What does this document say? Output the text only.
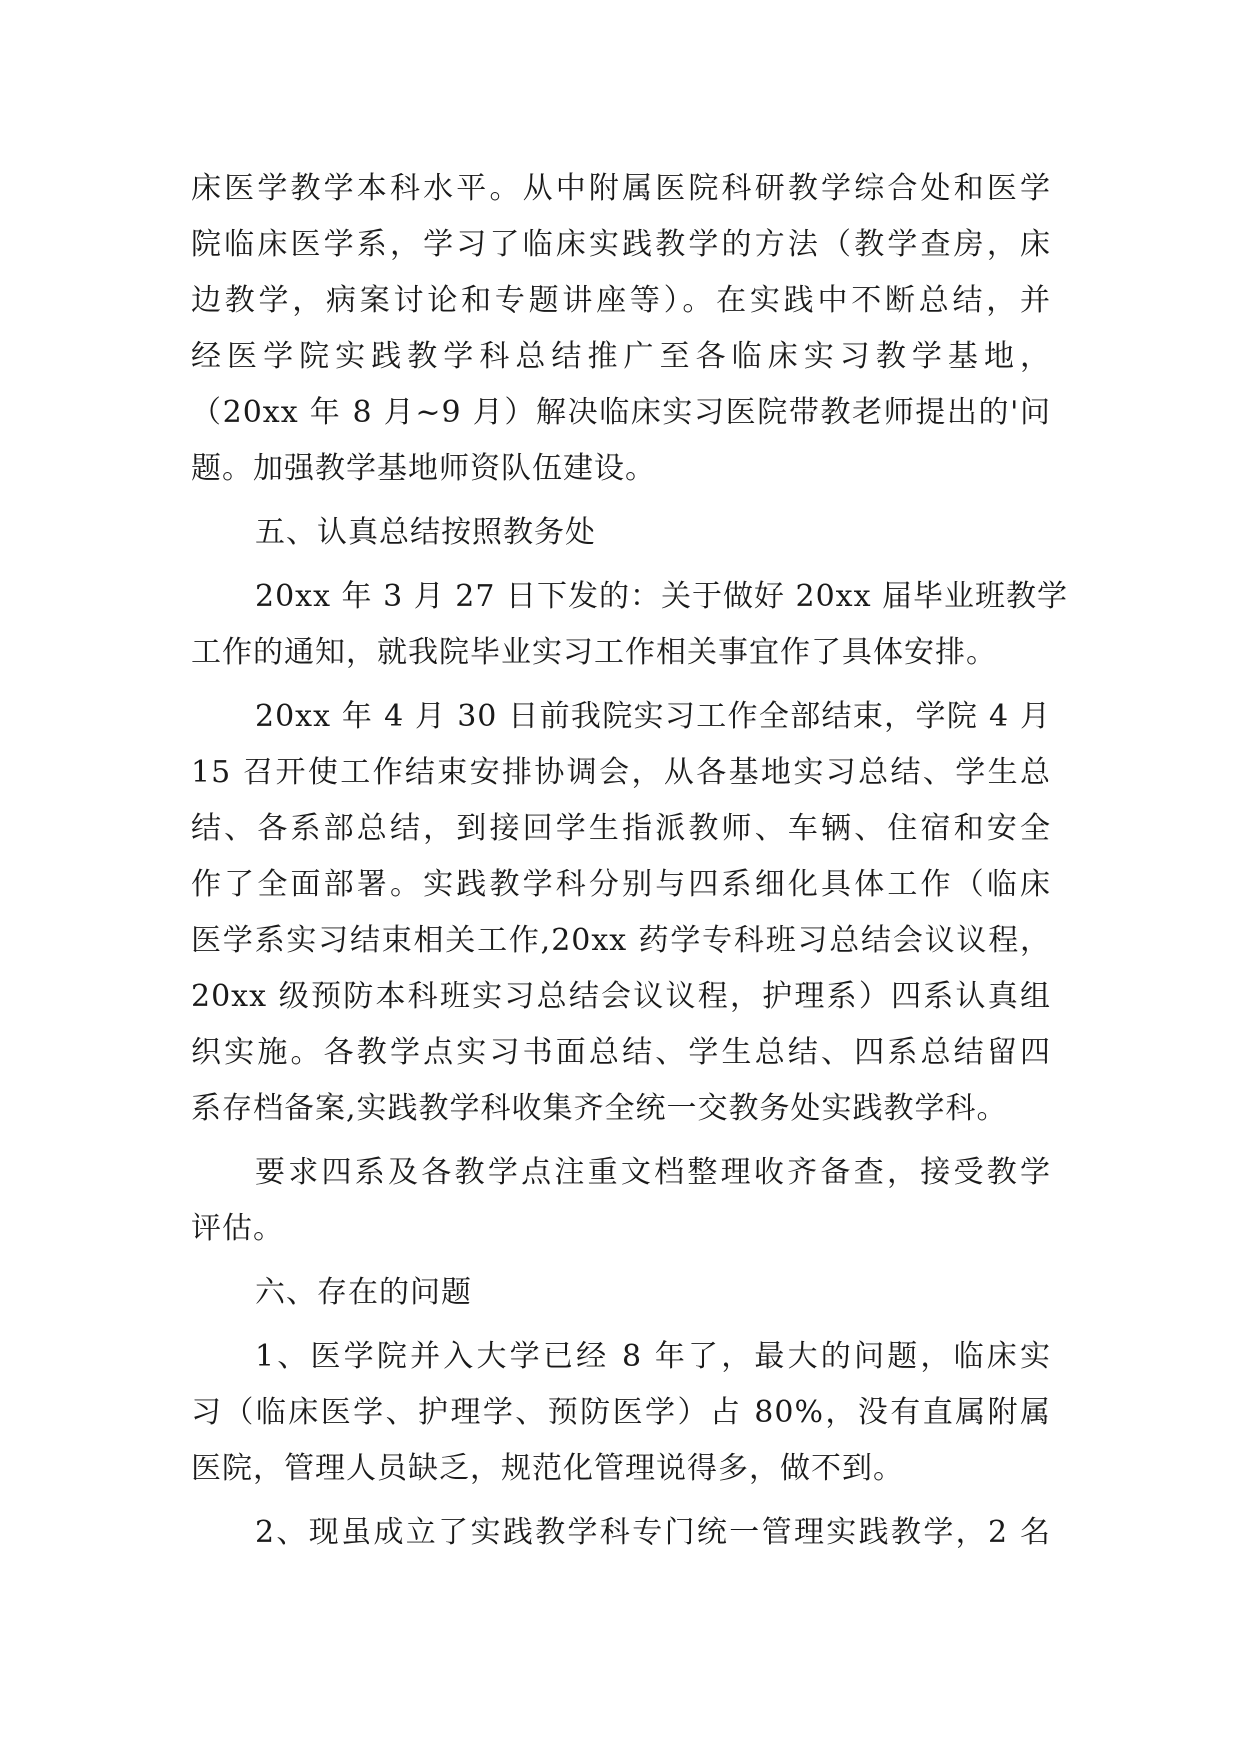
床医学教学本科水平。从中附属医院科研教学综合处和医学
院临床医学系，学习了临床实践教学的方法（教学查房，床
边教学，病案讨论和专题讲座等）。在实践中不断总结，并
经医学院实践教学科总结推广至各临床实习教学基地，
（20xx 年 8 月~9 月）解决临床实习医院带教老师提出的'问
题。加强教学基地师资队伍建设。
五、认真总结按照教务处
20xx 年 3 月 27 日下发的：关于做好 20xx 届毕业班教学
工作的通知，就我院毕业实习工作相关事宜作了具体安排。
20xx 年 4 月 30 日前我院实习工作全部结束，学院 4 月
15 召开使工作结束安排协调会，从各基地实习总结、学生总
结、各系部总结，到接回学生指派教师、车辆、住宿和安全
作了全面部署。实践教学科分别与四系细化具体工作（临床
医学系实习结束相关工作,20xx 药学专科班习总结会议议程，
20xx 级预防本科班实习总结会议议程，护理系）四系认真组
织实施。各教学点实习书面总结、学生总结、四系总结留四
系存档备案,实践教学科收集齐全统一交教务处实践教学科。
要求四系及各教学点注重文档整理收齐备查，接受教学
评估。
六、存在的问题
1、医学院并入大学已经 8 年了，最大的问题，临床实
习（临床医学、护理学、预防医学）占 80%，没有直属附属
医院，管理人员缺乏，规范化管理说得多，做不到。
2、现虽成立了实践教学科专门统一管理实践教学，2 名
